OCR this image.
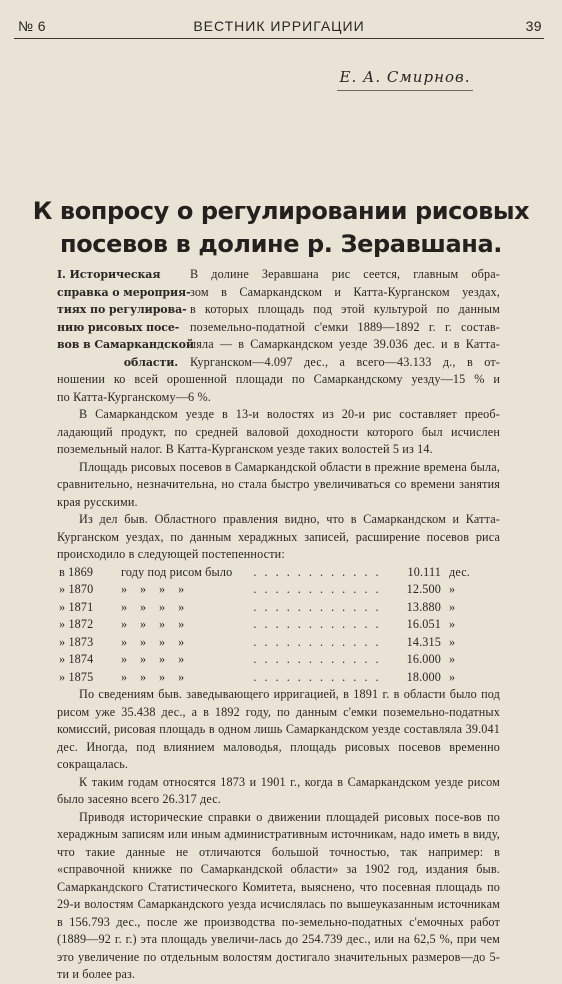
№ 6	ВЕСТНИК ИРРИГАЦИИ	39
Е. А. Смирнов.
К вопросу о регулировании рисовых
посевов в долине р. Зеравшана.
I. Историческая
справка о мероприя-
тиях по регулирова-
нию рисовых посе-
вов в Самаркандской
области.
В долине Зеравшана рис сеется, главным обра-
зом в Самаркандском и Катта-Курганском уездах,
в которых площадь под этой культурой по данным
поземельно-податной с'емки 1889—1892 г. г. состав-
ляла — в Самаркандском уезде 39.036 дес. и в Катта-
Курганском—4.097 дес., а всего—43.133 д., в от-
ношении ко всей орошенной площади по Самаркандскому уезду—15 % и

по Катта-Курганскому—6 %.

В Самаркандском уезде в 13-и волостях из 20-и рис составляет преоб-ладающий продукт, по средней валовой доходности которого был исчислен поземельный налог. В Катта-Курганском уезде таких волостей 5 из 14.

Площадь рисовых посевов в Самаркандской области в прежние времена была, сравнительно, незначительна, но стала быстро увеличиваться со времени занятия края русскими.

Из дел быв. Областного правления видно, что в Самаркандском и Катта-Курганском уездах, по данным хераджных записей, расширение посевов риса происходило в следующей постепенности:

в 1869	году под рисом было	. . . . . . . . . . . .	10.111	дес.
» 1870	»    »    »    »	. . . . . . . . . . . .	12.500	»
» 1871	»    »    »    »	. . . . . . . . . . . .	13.880	»
» 1872	»    »    »    »	. . . . . . . . . . . .	16.051	»
» 1873	»    »    »    »	. . . . . . . . . . . .	14.315	»
» 1874	»    »    »    »	. . . . . . . . . . . .	16.000	»
» 1875	»    »    »    »	. . . . . . . . . . . .	18.000	»

По сведениям быв. заведывающего ирригацией, в 1891 г. в области было под рисом уже 35.438 дес., а в 1892 году, по данным с'емки поземельно-податных комиссий, рисовая площадь в одном лишь Самаркандском уезде составляла 39.041 дес. Иногда, под влиянием маловодья, площадь рисовых посевов временно сокращалась.

К таким годам относятся 1873 и 1901 г., когда в Самаркандском уезде рисом было засеяно всего 26.317 дес.

Приводя исторические справки о движении площадей рисовых посе-вов по хераджным записям или иным административным источникам, надо иметь в виду, что такие данные не отличаются большой точностью, так например: в «справочной книжке по Самаркандской области» за 1902 год, издания быв. Самаркандского Статистического Комитета, выяснено, что посевная площадь по 29-и волостям Самаркандского уезда исчислялась по вышеуказанным источникам в 156.793 дес., после же производства по-земельно-податных с'емочных работ (1889—92 г. г.) эта площадь увеличи-лась до 254.739 дес., или на 62,5 %, при чем это увеличение по отдельным волостям достигало значительных размеров—до 5-ти и более раз.
